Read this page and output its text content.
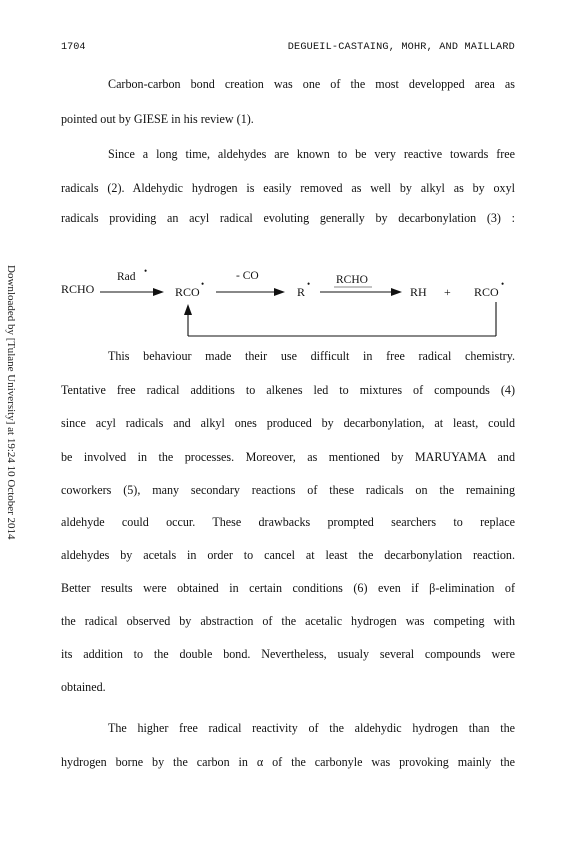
1704	DEGUEIL-CASTAING, MOHR, AND MAILLARD
Downloaded by [Tulane University] at 19:24 10 October 2014
Carbon-carbon bond creation was one of the most developped area as
pointed out by GIESE in his review (1).
Since a long time, aldehydes are known to be very reactive towards free
radicals (2). Aldehydic hydrogen is easily removed as well by alkyl as by oxyl
radicals providing an acyl radical evoluting generally by decarbonylation (3) :
This behaviour made their use difficult in free radical chemistry.
Tentative free radical additions to alkenes led to mixtures of compounds (4)
since acyl radicals and alkyl ones produced by decarbonylation, at least, could
be involved in the processes. Moreover, as mentioned by MARUYAMA and
coworkers (5), many secondary reactions of these radicals on the remaining
aldehyde could occur. These drawbacks prompted searchers to replace
aldehydes by acetals in order to cancel at least the decarbonylation reaction.
Better results were obtained in certain conditions (6) even if β-elimination of
the radical observed by abstraction of the acetalic hydrogen was competing with
its addition to the double bond. Nevertheless, usualy several compounds were
obtained.
The higher free radical reactivity of the aldehydic hydrogen than the
hydrogen borne by the carbon in α of the carbonyle was provoking mainly the
RCHO
Rad •
RCO
•
- CO
R
• RCHO
RH + RCO
•
